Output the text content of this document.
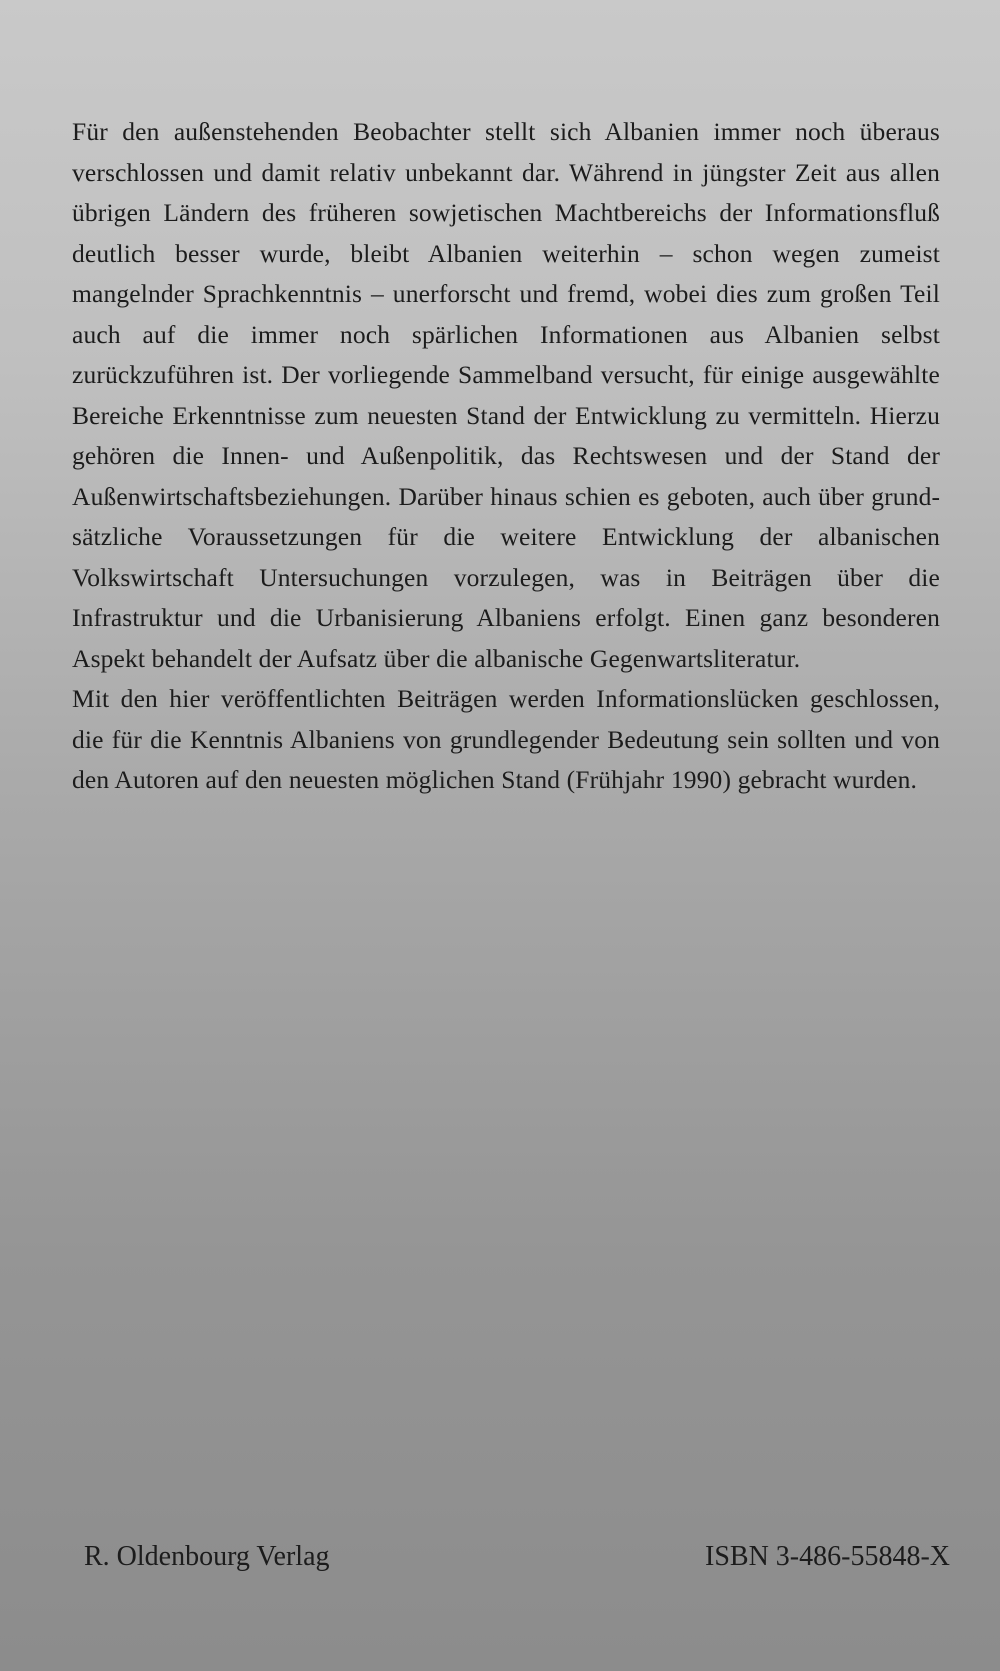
Für den außenstehenden Beobachter stellt sich Albanien immer noch überaus verschlossen und damit relativ unbekannt dar. Während in jüngster Zeit aus allen übrigen Ländern des früheren sowjetischen Machtbereichs der Informationsfluß deutlich besser wurde, bleibt Albanien weiterhin – schon wegen zumeist mangelnder Sprachkenntnis – unerforscht und fremd, wobei dies zum großen Teil auch auf die immer noch spärlichen Informationen aus Albanien selbst zurückzuführen ist. Der vorliegende Sammelband versucht, für einige ausgewählte Bereiche Erkenntnisse zum neuesten Stand der Entwicklung zu vermitteln. Hierzu gehören die Innen- und Außenpolitik, das Rechtswesen und der Stand der Außenwirtschaftsbeziehungen. Darüber hinaus schien es geboten, auch über grundsätzliche Voraussetzungen für die weitere Entwicklung der albanischen Volkswirtschaft Untersuchungen vorzulegen, was in Beiträgen über die Infrastruktur und die Urbanisierung Albaniens erfolgt. Einen ganz besonderen Aspekt behandelt der Aufsatz über die albanische Gegenwartsliteratur.

Mit den hier veröffentlichten Beiträgen werden Informationslücken geschlossen, die für die Kenntnis Albaniens von grundlegender Bedeutung sein sollten und von den Autoren auf den neuesten möglichen Stand (Frühjahr 1990) gebracht wurden.

R. Oldenbourg Verlag	ISBN 3-486-55848-X
